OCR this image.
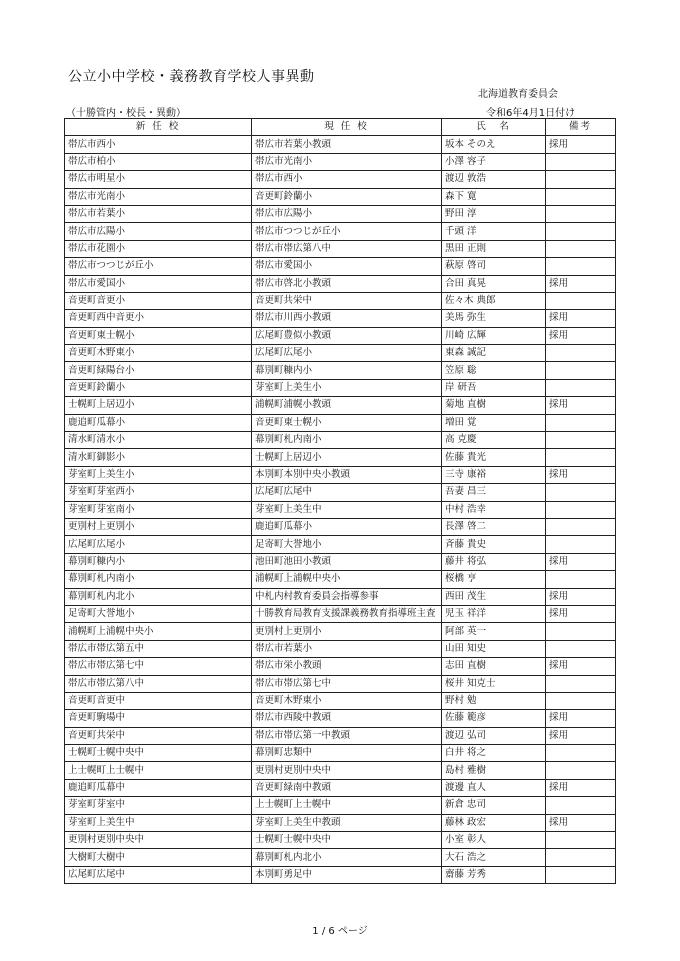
公立小中学校・義務教育学校人事異動
北海道教育委員会
（十勝管内・校長・異動）	令和6年4月1日付け
新 任 校	現 任 校	氏　名	備考
帯広市西小	帯広市若葉小教頭	坂本 そのえ	採用
帯広市柏小	帯広市光南小	小澤 容子	
帯広市明星小	帯広市西小	渡辺 敦浩	
帯広市光南小	音更町鈴蘭小	森下 寛	
帯広市若葉小	帯広市広陽小	野田 淳	
帯広市広陽小	帯広市つつじが丘小	千頭 洋	
帯広市花園小	帯広市帯広第八中	黒田 正則	
帯広市つつじが丘小	帯広市愛国小	萩原 啓司	
帯広市愛国小	帯広市啓北小教頭	合田 真晃	採用
音更町音更小	音更町共栄中	佐々木 典郎	
音更町西中音更小	帯広市川西小教頭	美馬 弥生	採用
音更町東士幌小	広尾町豊似小教頭	川崎 広輝	採用
音更町木野東小	広尾町広尾小	東森 誠記	
音更町緑陽台小	幕別町糠内小	笠原 聡	
音更町鈴蘭小	芽室町上美生小	岸 研吾	
士幌町上居辺小	浦幌町浦幌小教頭	菊地 直樹	採用
鹿追町瓜幕小	音更町東士幌小	増田 覚	
清水町清水小	幕別町札内南小	高 克慶	
清水町御影小	士幌町上居辺小	佐藤 貴光	
芽室町上美生小	本別町本別中央小教頭	三寺 康裕	採用
芽室町芽室西小	広尾町広尾中	吾妻 昌三	
芽室町芽室南小	芽室町上美生中	中村 浩幸	
更別村上更別小	鹿追町瓜幕小	長澤 啓二	
広尾町広尾小	足寄町大誉地小	斉藤 貴史	
幕別町糠内小	池田町池田小教頭	藤井 将弘	採用
幕別町札内南小	浦幌町上浦幌中央小	桜橋 亨	
幕別町札内北小	中札内村教育委員会指導参事	西田 茂生	採用
足寄町大誉地小	十勝教育局教育支援課義務教育指導班主査	児玉 祥洋	採用
浦幌町上浦幌中央小	更別村上更別小	阿部 英一	
帯広市帯広第五中	帯広市若葉小	山田 知史	
帯広市帯広第七中	帯広市栄小教頭	志田 直樹	採用
帯広市帯広第八中	帯広市帯広第七中	桜井 知克士	
音更町音更中	音更町木野東小	野村 勉	
音更町駒場中	帯広市西陵中教頭	佐藤 範彦	採用
音更町共栄中	帯広市帯広第一中教頭	渡辺 弘司	採用
士幌町士幌中央中	幕別町忠類中	白井 将之	
上士幌町上士幌中	更別村更別中央中	島村 雅樹	
鹿追町瓜幕中	音更町緑南中教頭	渡邊 直人	採用
芽室町芽室中	上士幌町上士幌中	新倉 忠司	
芽室町上美生中	芽室町上美生中教頭	藤林 政宏	採用
更別村更別中央中	士幌町士幌中央中	小室 彰人	
大樹町大樹中	幕別町札内北小	大石 浩之	
広尾町広尾中	本別町勇足中	齋藤 芳秀	
1 / 6 ページ
